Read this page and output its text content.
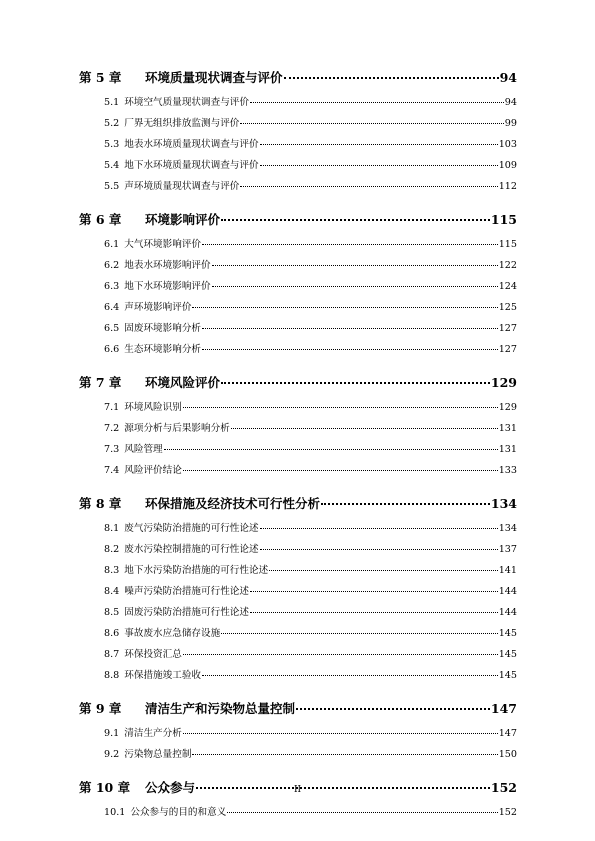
第 5 章	环境质量现状调查与评价	94
5.1 环境空气质量现状调查与评价	94
5.2 厂界无组织排放监测与评价	99
5.3 地表水环境质量现状调查与评价	103
5.4 地下水环境质量现状调查与评价	109
5.5 声环境质量现状调查与评价	112
第 6 章	环境影响评价	115
6.1 大气环境影响评价	115
6.2 地表水环境影响评价	122
6.3 地下水环境影响评价	124
6.4 声环境影响评价	125
6.5 固废环境影响分析	127
6.6 生态环境影响分析	127
第 7 章	环境风险评价	129
7.1 环境风险识别	129
7.2 源项分析与后果影响分析	131
7.3 风险管理	131
7.4 风险评价结论	133
第 8 章	环保措施及经济技术可行性分析	134
8.1 废气污染防治措施的可行性论述	134
8.2 废水污染控制措施的可行性论述	137
8.3 地下水污染防治措施的可行性论述	141
8.4 噪声污染防治措施可行性论述	144
8.5 固废污染防治措施可行性论述	144
8.6 事故废水应急储存设施	145
8.7 环保投资汇总	145
8.8 环保措施竣工验收	145
第 9 章	清洁生产和污染物总量控制	147
9.1 清洁生产分析	147
9.2 污染物总量控制	150
第 10 章	公众参与	152
10.1 公众参与的目的和意义	152
II
